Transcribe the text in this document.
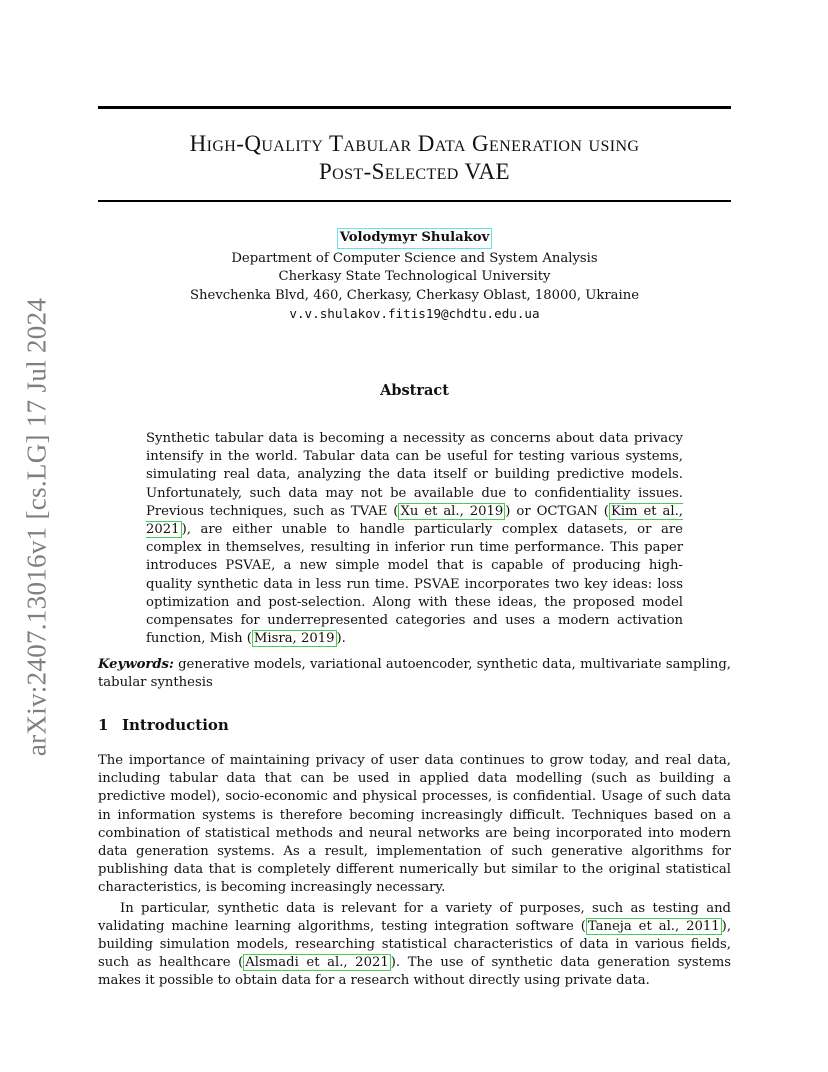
arXiv:2407.13016v1 [cs.LG] 17 Jul 2024
High-Quality Tabular Data Generation using
Post-Selected VAE
Volodymyr Shulakov
Department of Computer Science and System Analysis
Cherkasy State Technological University
Shevchenka Blvd, 460, Cherkasy, Cherkasy Oblast, 18000, Ukraine
v.v.shulakov.fitis19@chdtu.edu.ua
Abstract
Synthetic tabular data is becoming a necessity as concerns about data privacy intensify in the world. Tabular data can be useful for testing various systems, simulating real data, analyzing the data itself or building predictive models. Unfortunately, such data may not be available due to confidentiality issues. Previous techniques, such as TVAE ( Xu et al., 2019 ) or OCTGAN ( Kim et al., 2021 ), are either unable to handle particularly complex datasets, or are complex in themselves, resulting in inferior run time performance. This paper introduces PSVAE, a new simple model that is capable of producing high-quality synthetic data in less run time. PSVAE incorporates two key ideas: loss optimization and post-selection. Along with these ideas, the proposed model compensates for underrepresented categories and uses a modern activation function, Mish ( Misra, 2019 ).
Keywords: generative models, variational autoencoder, synthetic data, multivariate sampling, tabular synthesis
1 Introduction

The importance of maintaining privacy of user data continues to grow today, and real data, including tabular data that can be used in applied data modelling (such as building a predictive model), socio-economic and physical processes, is confidential. Usage of such data in information systems is therefore becoming increasingly difficult. Techniques based on a combination of statistical methods and neural networks are being incorporated into modern data generation systems. As a result, implementation of such generative algorithms for publishing data that is completely different numerically but similar to the original statistical characteristics, is becoming increasingly necessary.

In particular, synthetic data is relevant for a variety of purposes, such as testing and validating machine learning algorithms, testing integration software ( Taneja et al., 2011 ), building simulation models, researching statistical characteristics of data in various fields, such as healthcare ( Alsmadi et al., 2021 ). The use of synthetic data generation systems makes it possible to obtain data for a research without directly using private data.
